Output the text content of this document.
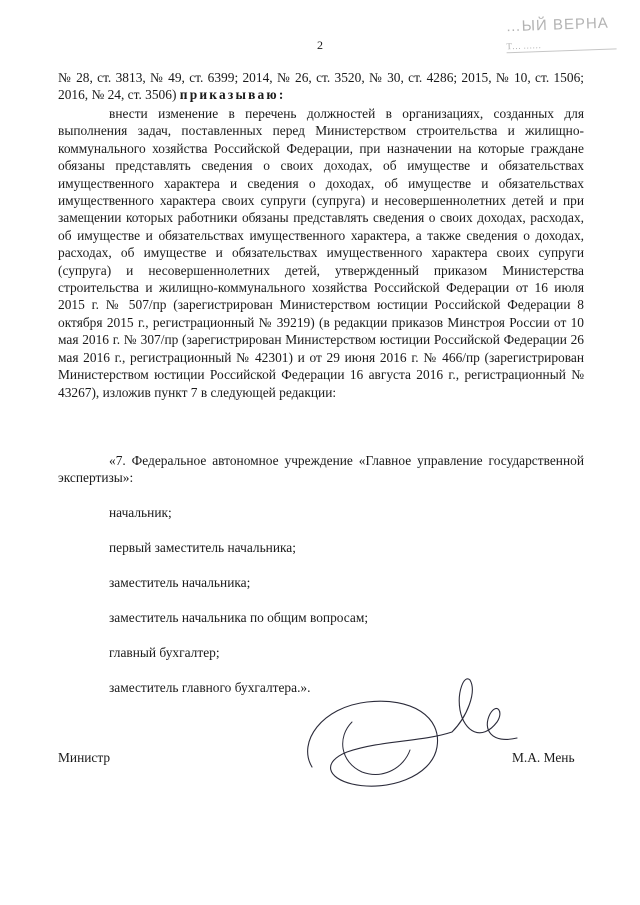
2
…ЫЙ ВЕРНА
Т… ……
№ 28, ст. 3813, № 49, ст. 6399; 2014, № 26, ст. 3520, № 30, ст. 4286; 2015, № 10, ст. 1506; 2016, № 24, ст. 3506) приказываю:
внести изменение в перечень должностей в организациях, созданных для выполнения задач, поставленных перед Министерством строительства и жилищно-коммунального хозяйства Российской Федерации, при назначении на которые граждане обязаны представлять сведения о своих доходах, об имуществе и обязательствах имущественного характера и сведения о доходах, об имуществе и обязательствах имущественного характера своих супруги (супруга) и несовершеннолетних детей и при замещении которых работники обязаны представлять сведения о своих доходах, расходах, об имуществе и обязательствах имущественного характера, а также сведения о доходах, расходах, об имуществе и обязательствах имущественного характера своих супруги (супруга) и несовершеннолетних детей, утвержденный приказом Министерства строительства и жилищно-коммунального хозяйства Российской Федерации от 16 июля 2015 г. № 507/пр (зарегистрирован Министерством юстиции Российской Федерации 8 октября 2015 г., регистрационный № 39219) (в редакции приказов Минстроя России от 10 мая 2016 г. № 307/пр (зарегистрирован Министерством юстиции Российской Федерации 26 мая 2016 г., регистрационный № 42301) и от 29 июня 2016 г. № 466/пр (зарегистрирован Министерством юстиции Российской Федерации 16 августа 2016 г., регистрационный № 43267), изложив пункт 7 в следующей редакции:
«7. Федеральное автономное учреждение «Главное управление государственной экспертизы»:
начальник;
первый заместитель начальника;
заместитель начальника;
заместитель начальника по общим вопросам;
главный бухгалтер;
заместитель главного бухгалтера.».
Министр	М.А. Мень
